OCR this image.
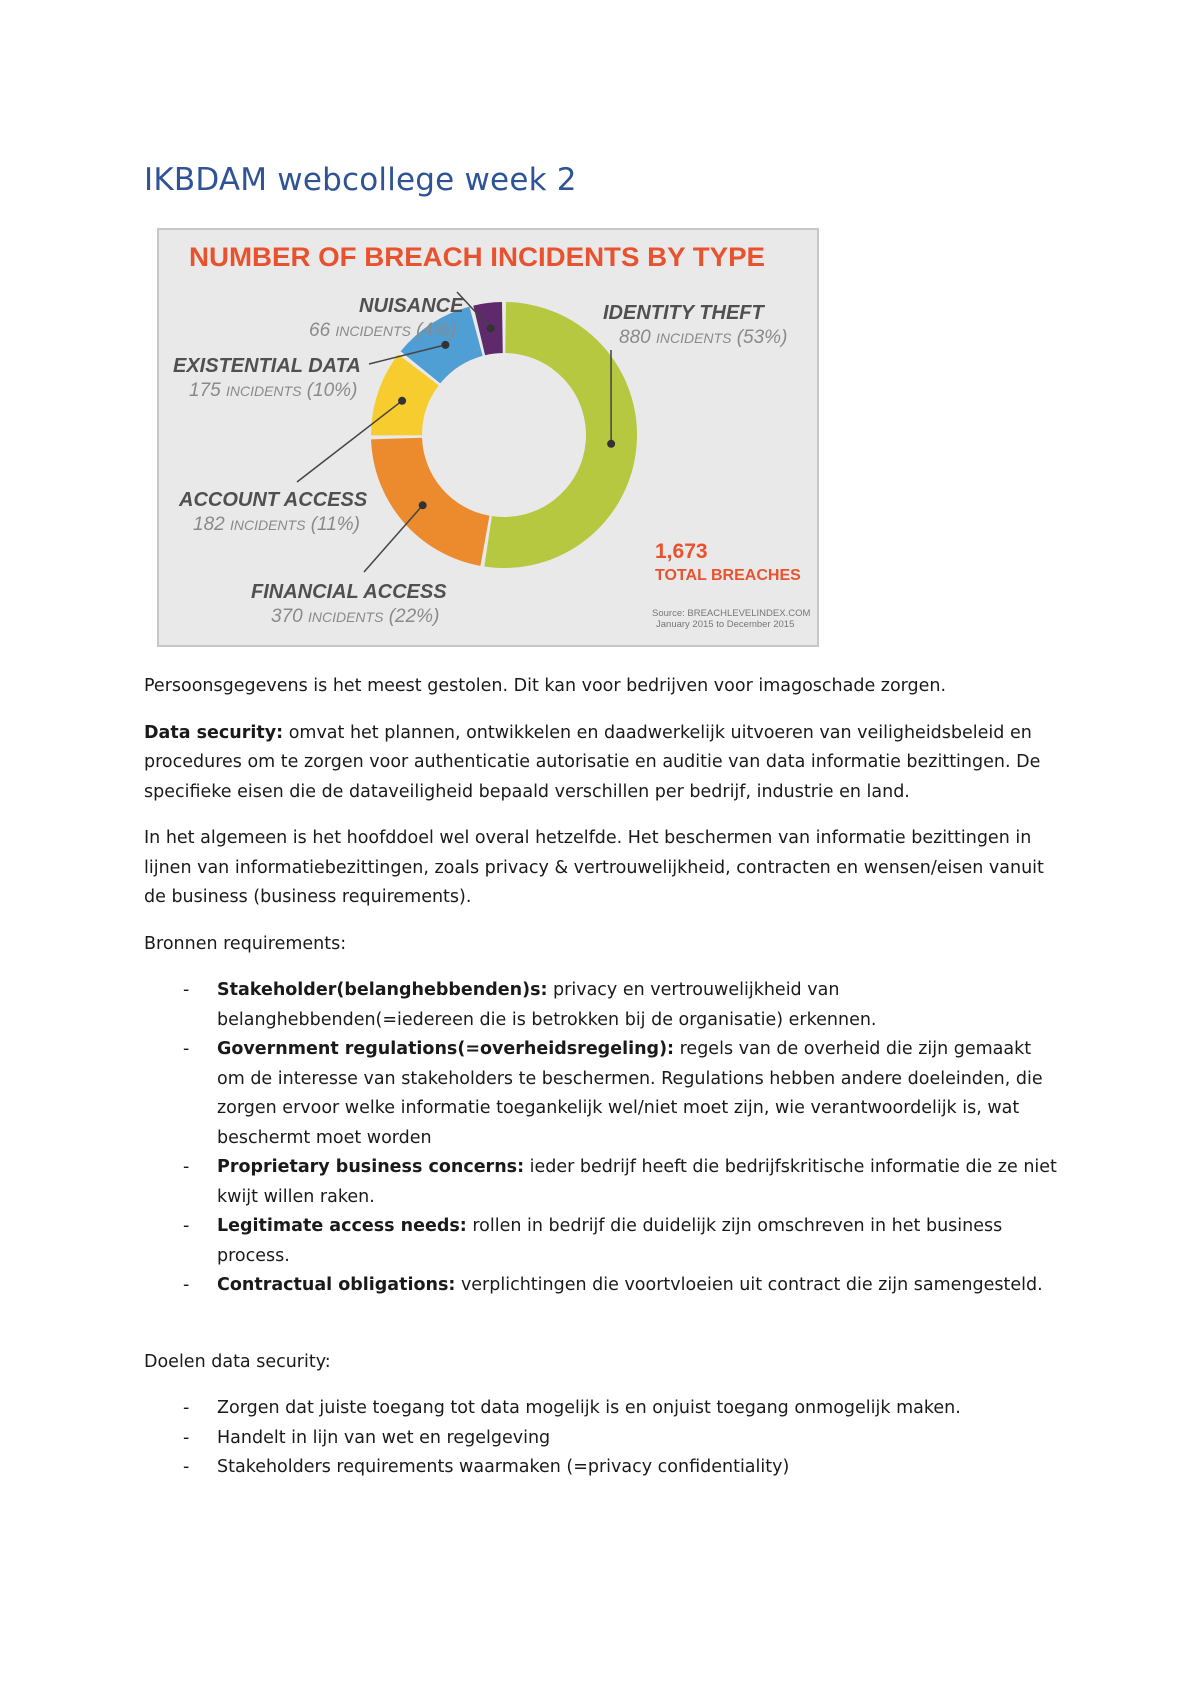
IKBDAM webcollege week 2
NUMBER OF BREACH INCIDENTS BY TYPE
NUISANCE
66 INCIDENTS (4%)
IDENTITY THEFT
880 INCIDENTS (53%)
EXISTENTIAL DATA
175 INCIDENTS (10%)
ACCOUNT ACCESS
182 INCIDENTS (11%)
FINANCIAL ACCESS
370 INCIDENTS (22%)
1,673
TOTAL BREACHES
Source: BREACHLEVELINDEX.COM
January 2015 to December 2015

Persoonsgegevens is het meest gestolen. Dit kan voor bedrijven voor imagoschade zorgen.

Data security: omvat het plannen, ontwikkelen en daadwerkelijk uitvoeren van veiligheidsbeleid en procedures om te zorgen voor authenticatie autorisatie en auditie van data informatie bezittingen. De specifieke eisen die de dataveiligheid bepaald verschillen per bedrijf, industrie en land.

In het algemeen is het hoofddoel wel overal hetzelfde. Het beschermen van informatie bezittingen in lijnen van informatiebezittingen, zoals privacy & vertrouwelijkheid, contracten en wensen/eisen vanuit de business (business requirements).

Bronnen requirements:

- Stakeholder(belanghebbenden)s: privacy en vertrouwelijkheid van belanghebbenden(=iedereen die is betrokken bij de organisatie) erkennen.
- Government regulations(=overheidsregeling): regels van de overheid die zijn gemaakt om de interesse van stakeholders te beschermen. Regulations hebben andere doeleinden, die zorgen ervoor welke informatie toegankelijk wel/niet moet zijn, wie verantwoordelijk is, wat beschermt moet worden
- Proprietary business concerns: ieder bedrijf heeft die bedrijfskritische informatie die ze niet kwijt willen raken.
- Legitimate access needs: rollen in bedrijf die duidelijk zijn omschreven in het business process.
- Contractual obligations: verplichtingen die voortvloeien uit contract die zijn samengesteld.

Doelen data security:

- Zorgen dat juiste toegang tot data mogelijk is en onjuist toegang onmogelijk maken.
- Handelt in lijn van wet en regelgeving
- Stakeholders requirements waarmaken (=privacy confidentiality)
